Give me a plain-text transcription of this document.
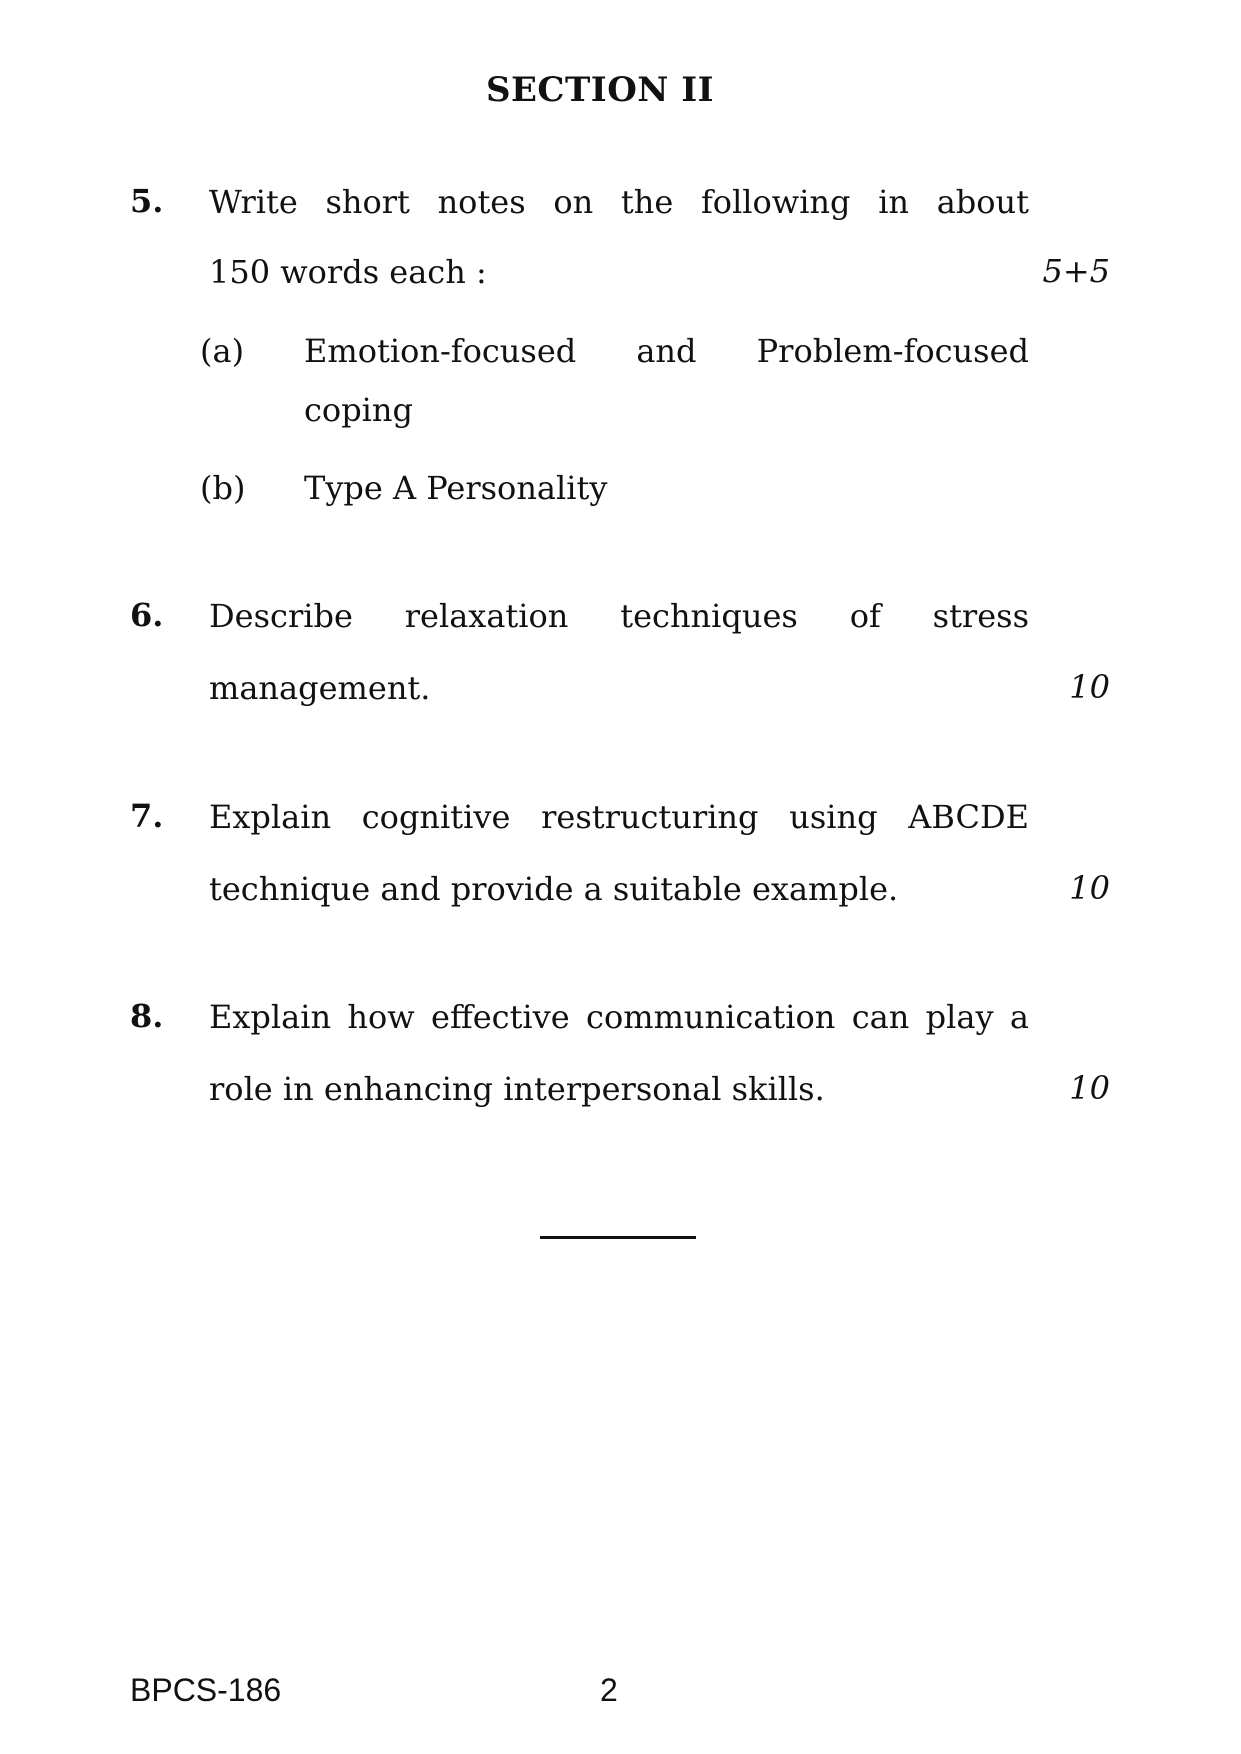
SECTION II
5. Write short notes on the following in about
150 words each :	5+5
(a) Emotion-focused and Problem-focused
coping
(b) Type A Personality
6. Describe relaxation techniques of stress
management.	10
7. Explain cognitive restructuring using ABCDE
technique and provide a suitable example.	10
8. Explain how effective communication can play a
role in enhancing interpersonal skills.	10
BPCS-186	2
